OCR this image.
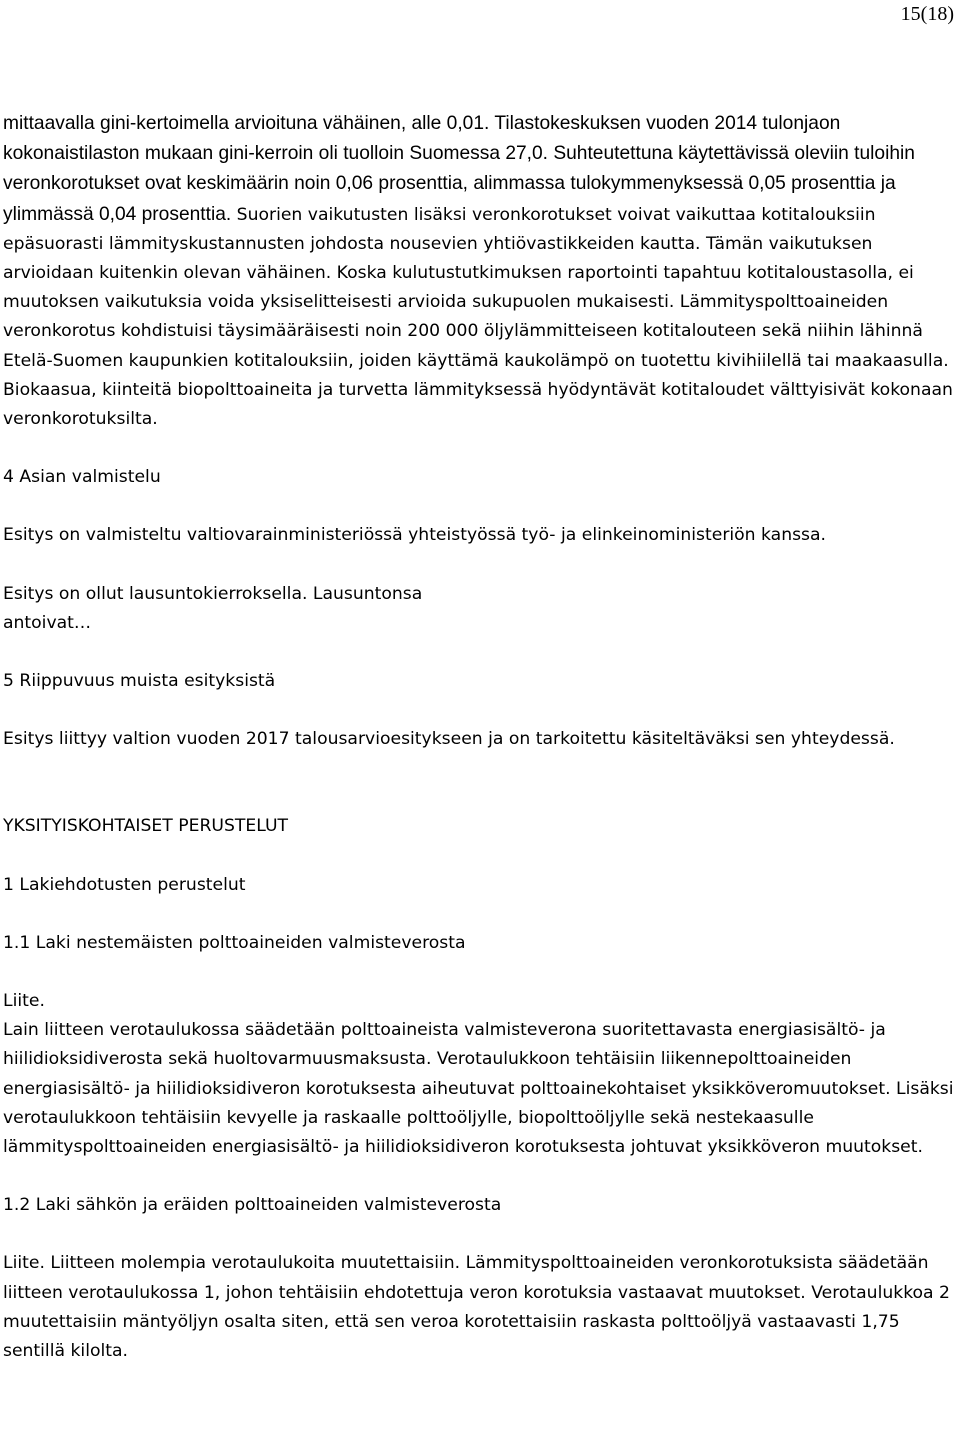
15(18)

mittaavalla gini-kertoimella arvioituna vähäinen, alle 0,01. Tilastokeskuksen vuoden 2014 tulonjaon kokonaistilaston mukaan gini-kerroin oli tuolloin Suomessa 27,0. Suhteutettuna käytettävissä oleviin tuloihin veronkorotukset ovat keskimäärin noin 0,06 prosenttia, alimmassa tulokymmenyksessä 0,05 prosenttia ja ylimmässä 0,04 prosenttia. Suorien vaikutusten lisäksi veronkorotukset voivat vaikuttaa kotitalouksiin epäsuorasti lämmityskustannusten johdosta nousevien yhtiövastikkeiden kautta. Tämän vaikutuksen arvioidaan kuitenkin olevan vähäinen. Koska kulutustutkimuksen raportointi tapahtuu kotitaloustasolla, ei muutoksen vaikutuksia voida yksiselitteisesti arvioida sukupuolen mukaisesti. Lämmityspolttoaineiden veronkorotus kohdistuisi täysimääräisesti noin 200 000 öljylämmitteiseen kotitalouteen sekä niihin lähinnä Etelä-Suomen kaupunkien kotitalouksiin, joiden käyttämä kaukolämpö on tuotettu kivihiilellä tai maakaasulla. Biokaasua, kiinteitä biopolttoaineita ja turvetta lämmityksessä hyödyntävät kotitaloudet välttyisivät kokonaan veronkorotuksilta.

4 Asian valmistelu

Esitys on valmisteltu valtiovarainministeriössä yhteistyössä työ- ja elinkeinoministeriön kanssa.

Esitys on ollut lausuntokierroksella. Lausuntonsa

antoivat…

5 Riippuvuus muista esityksistä

Esitys liittyy valtion vuoden 2017 talousarvioesitykseen ja on tarkoitettu käsiteltäväksi sen yhteydessä.

YKSITYISKOHTAISET PERUSTELUT

1 Lakiehdotusten perustelut

1.1 Laki nestemäisten polttoaineiden valmisteverosta

Liite.

Lain liitteen verotaulukossa säädetään polttoaineista valmisteverona suoritettavasta energiasisältö- ja hiilidioksidiverosta sekä huoltovarmuusmaksusta. Verotaulukkoon tehtäisiin liikennepolttoaineiden energiasisältö- ja hiilidioksidiveron korotuksesta aiheutuvat polttoainekohtaiset yksikköveromuutokset. Lisäksi verotaulukkoon tehtäisiin kevyelle ja raskaalle polttoöljylle, biopolttoöljylle sekä nestekaasulle lämmityspolttoaineiden energiasisältö- ja hiilidioksidiveron korotuksesta johtuvat yksikköveron muutokset.

1.2 Laki sähkön ja eräiden polttoaineiden valmisteverosta

Liite. Liitteen molempia verotaulukoita muutettaisiin. Lämmityspolttoaineiden veronkorotuksista säädetään liitteen verotaulukossa 1, johon tehtäisiin ehdotettuja veron korotuksia vastaavat muutokset. Verotaulukkoa 2 muutettaisiin mäntyöljyn osalta siten, että sen veroa korotettaisiin raskasta polttoöljyä vastaavasti 1,75 sentillä kilolta.
